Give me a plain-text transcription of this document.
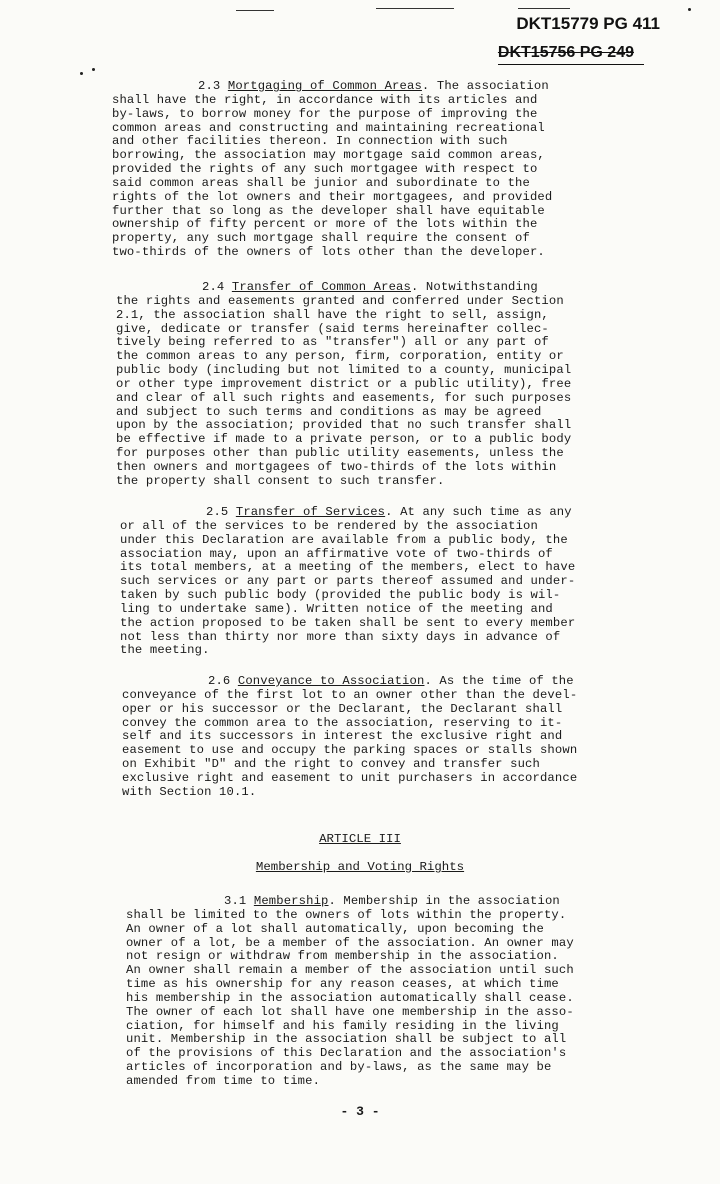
DKT15779 PG 411
DKT15756 PG 249
2.3 Mortgaging of Common Areas. The association
shall have the right, in accordance with its articles and
by-laws, to borrow money for the purpose of improving the
common areas and constructing and maintaining recreational
and other facilities thereon. In connection with such
borrowing, the association may mortgage said common areas,
provided the rights of any such mortgagee with respect to
said common areas shall be junior and subordinate to the
rights of the lot owners and their mortgagees, and provided
further that so long as the developer shall have equitable
ownership of fifty percent or more of the lots within the
property, any such mortgage shall require the consent of
two-thirds of the owners of lots other than the developer.
2.4 Transfer of Common Areas. Notwithstanding
the rights and easements granted and conferred under Section
2.1, the association shall have the right to sell, assign,
give, dedicate or transfer (said terms hereinafter collec-
tively being referred to as "transfer") all or any part of
the common areas to any person, firm, corporation, entity or
public body (including but not limited to a county, municipal
or other type improvement district or a public utility), free
and clear of all such rights and easements, for such purposes
and subject to such terms and conditions as may be agreed
upon by the association; provided that no such transfer shall
be effective if made to a private person, or to a public body
for purposes other than public utility easements, unless the
then owners and mortgagees of two-thirds of the lots within
the property shall consent to such transfer.
2.5 Transfer of Services. At any such time as any
or all of the services to be rendered by the association
under this Declaration are available from a public body, the
association may, upon an affirmative vote of two-thirds of
its total members, at a meeting of the members, elect to have
such services or any part or parts thereof assumed and under-
taken by such public body (provided the public body is wil-
ling to undertake same). Written notice of the meeting and
the action proposed to be taken shall be sent to every member
not less than thirty nor more than sixty days in advance of
the meeting.
2.6 Conveyance to Association. As the time of the
conveyance of the first lot to an owner other than the devel-
oper or his successor or the Declarant, the Declarant shall
convey the common area to the association, reserving to it-
self and its successors in interest the exclusive right and
easement to use and occupy the parking spaces or stalls shown
on Exhibit "D" and the right to convey and transfer such
exclusive right and easement to unit purchasers in accordance
with Section 10.1.
ARTICLE III
Membership and Voting Rights
3.1 Membership. Membership in the association
shall be limited to the owners of lots within the property.
An owner of a lot shall automatically, upon becoming the
owner of a lot, be a member of the association. An owner may
not resign or withdraw from membership in the association.
An owner shall remain a member of the association until such
time as his ownership for any reason ceases, at which time
his membership in the association automatically shall cease.
The owner of each lot shall have one membership in the asso-
ciation, for himself and his family residing in the living
unit. Membership in the association shall be subject to all
of the provisions of this Declaration and the association's
articles of incorporation and by-laws, as the same may be
amended from time to time.
- 3 -
